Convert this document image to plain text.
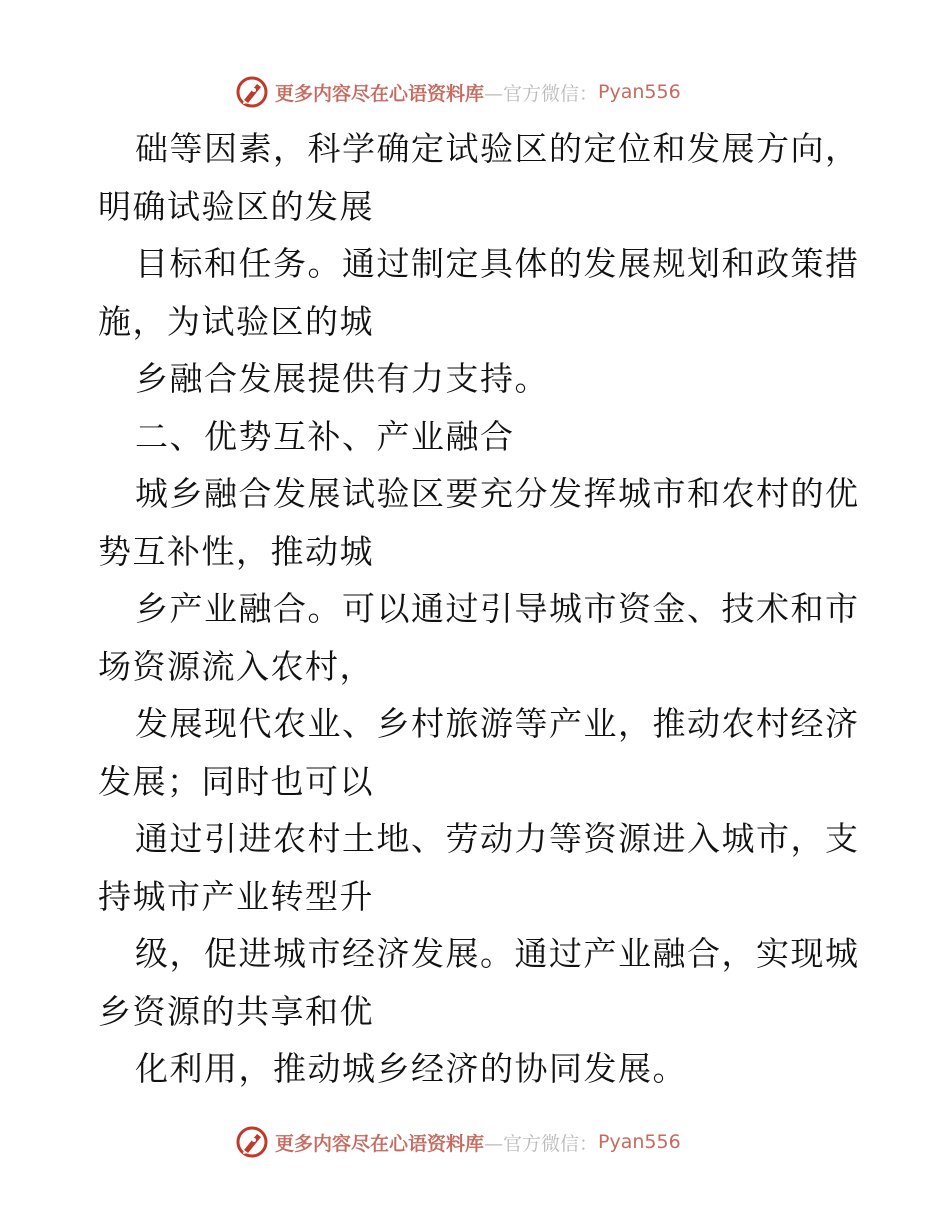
更多内容尽在心语资料库 —官方微信： Pyan556
础等因素，科学确定试验区的定位和发展方向，
明确试验区的发展
目标和任务。通过制定具体的发展规划和政策措
施，为试验区的城
乡融合发展提供有力支持。
二、优势互补、产业融合
城乡融合发展试验区要充分发挥城市和农村的优
势互补性，推动城
乡产业融合。可以通过引导城市资金、技术和市
场资源流入农村，
发展现代农业、乡村旅游等产业，推动农村经济
发展；同时也可以
通过引进农村土地、劳动力等资源进入城市，支
持城市产业转型升
级，促进城市经济发展。通过产业融合，实现城
乡资源的共享和优
化利用，推动城乡经济的协同发展。
更多内容尽在心语资料库 —官方微信： Pyan556
